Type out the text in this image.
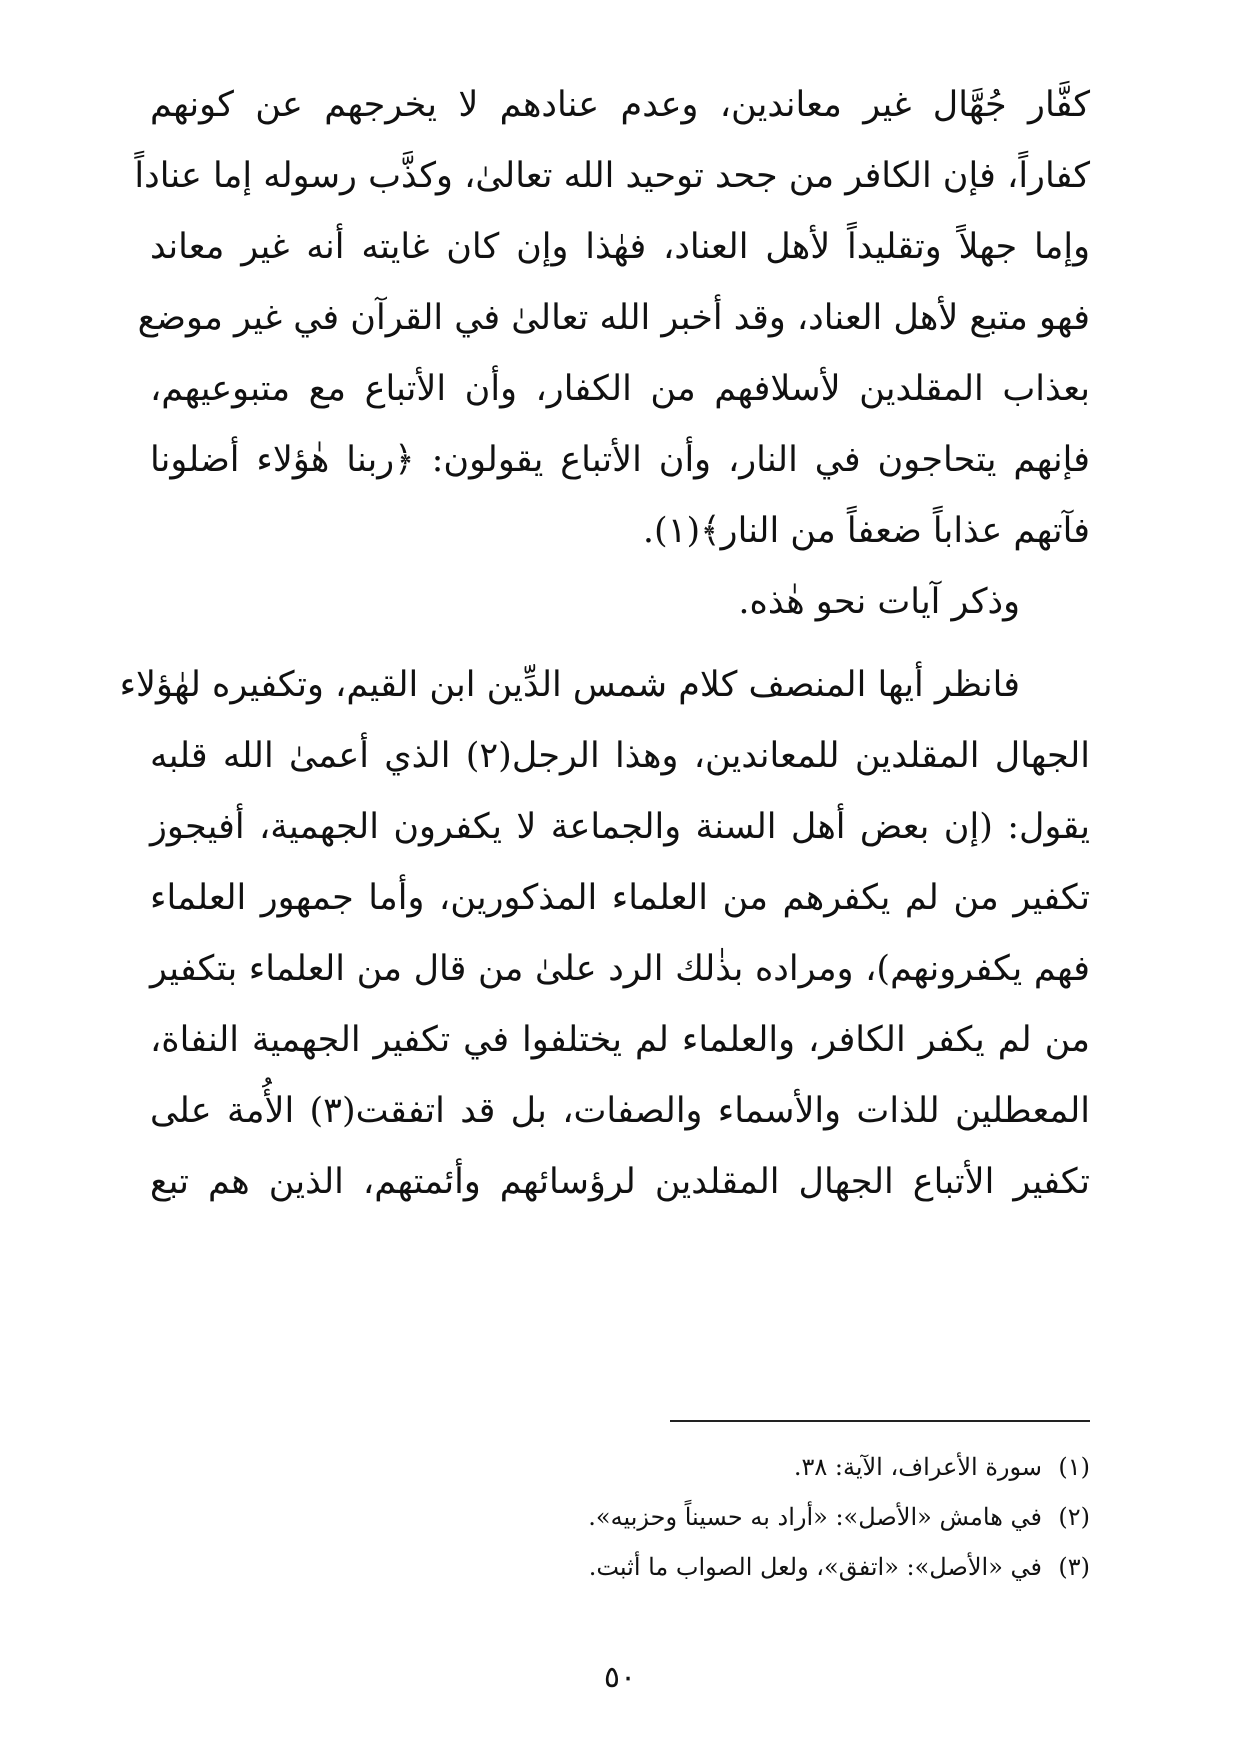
كفَّار جُهَّال غير معاندين، وعدم عنادهم لا يخرجهم عن كونهم
كفاراً، فإن الكافر من جحد توحيد الله تعالىٰ، وكذَّب رسوله إما عناداً
وإما جهلاً وتقليداً لأهل العناد، فهٰذا وإن كان غايته أنه غير معاند
فهو متبع لأهل العناد، وقد أخبر الله تعالىٰ في القرآن في غير موضع
بعذاب المقلدين لأسلافهم من الكفار، وأن الأتباع مع متبوعيهم،
فإنهم يتحاجون في النار، وأن الأتباع يقولون: ﴿ربنا هٰؤلاء أضلونا
فآتهم عذاباً ضعفاً من النار﴾(١).
وذكر آيات نحو هٰذه.
فانظر أيها المنصف كلام شمس الدِّين ابن القيم، وتكفيره لهٰؤلاء
الجهال المقلدين للمعاندين، وهذا الرجل(٢) الذي أعمىٰ الله قلبه
يقول: (إن بعض أهل السنة والجماعة لا يكفرون الجهمية، أفيجوز
تكفير من لم يكفرهم من العلماء المذكورين، وأما جمهور العلماء
فهم يكفرونهم)، ومراده بذٰلك الرد علىٰ من قال من العلماء بتكفير
من لم يكفر الكافر، والعلماء لم يختلفوا في تكفير الجهمية النفاة،
المعطلين للذات والأسماء والصفات، بل قد اتفقت(٣) الأُمة على
تكفير الأتباع الجهال المقلدين لرؤسائهم وأئمتهم، الذين هم تبع
(١)
سورة الأعراف، الآية: ٣٨.
(٢)
في هامش «الأصل»: «أراد به حسيناً وحزبيه».
(٣)
في «الأصل»: «اتفق»، ولعل الصواب ما أثبت.
٥٠
